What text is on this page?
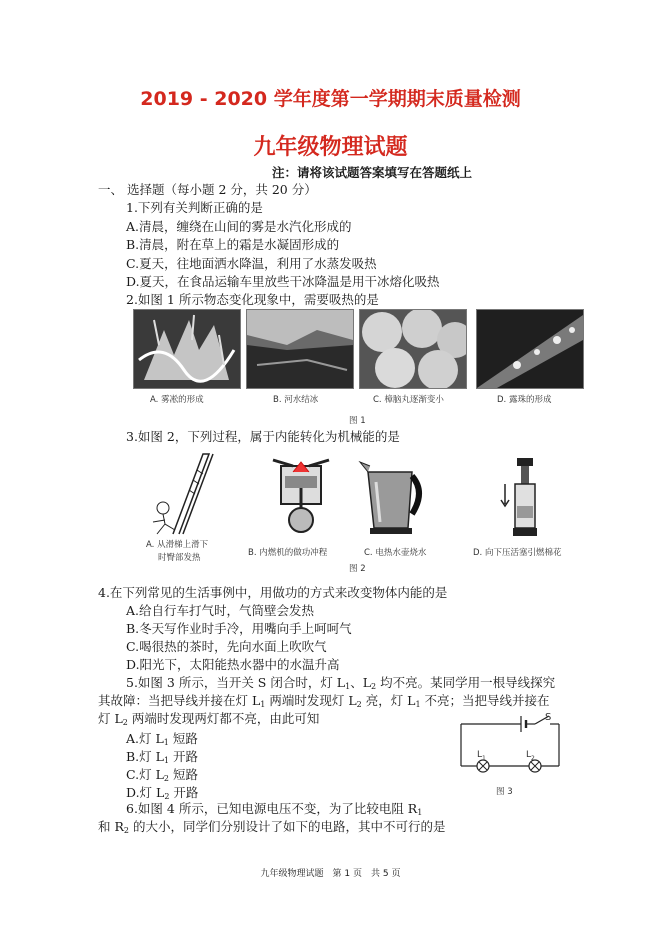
2019 - 2020 学年度第一学期期末质量检测
九年级物理试题
注：请将该试题答案填写在答题纸上
一、 选择题（每小题 2 分，共 20 分）
1.下列有关判断正确的是
A.清晨，缠绕在山间的雾是水汽化形成的
B.清晨，附在草上的霜是水凝固形成的
C.夏天，往地面洒水降温，利用了水蒸发吸热
D.夏天，在食品运输车里放些干冰降温是用干冰熔化吸热
2.如图 1 所示物态变化现象中，需要吸热的是
A. 雾凇的形成	B. 河水结冰	C. 樟脑丸逐渐变小	D. 露珠的形成
图 1
3.如图 2，下列过程，属于内能转化为机械能的是
A. 从滑梯上滑下
时臀部发热	B. 内燃机的做功冲程	C. 电热水壶烧水	D. 向下压活塞引燃棉花
图 2
4.在下列常见的生活事例中，用做功的方式来改变物体内能的是
A.给自行车打气时，气筒壁会发热
B.冬天写作业时手冷，用嘴向手上呵呵气
C.喝很热的茶时，先向水面上吹吹气
D.阳光下，太阳能热水器中的水温升高
5.如图 3 所示，当开关 S 闭合时，灯 $L_1$、$L_2$ 均不亮。某同学用一根导线探究
其故障：当把导线并接在灯 $L_1$ 两端时发现灯 $L_2$ 亮，灯 $L_1$ 不亮；当把导线并接在
灯 $L_2$ 两端时发现两灯都不亮，由此可知
A.灯 $L_1$ 短路
B.灯 $L_1$ 开路
C.灯 $L_2$ 短路
D.灯 $L_2$ 开路
S
$L_1$	$L_2$
图 3
6.如图 4 所示，已知电源电压不变，为了比较电阻 $R_1$
和 $R_2$ 的大小，同学们分别设计了如下的电路，其中不可行的是
九年级物理试题　第 1 页　共 5 页
